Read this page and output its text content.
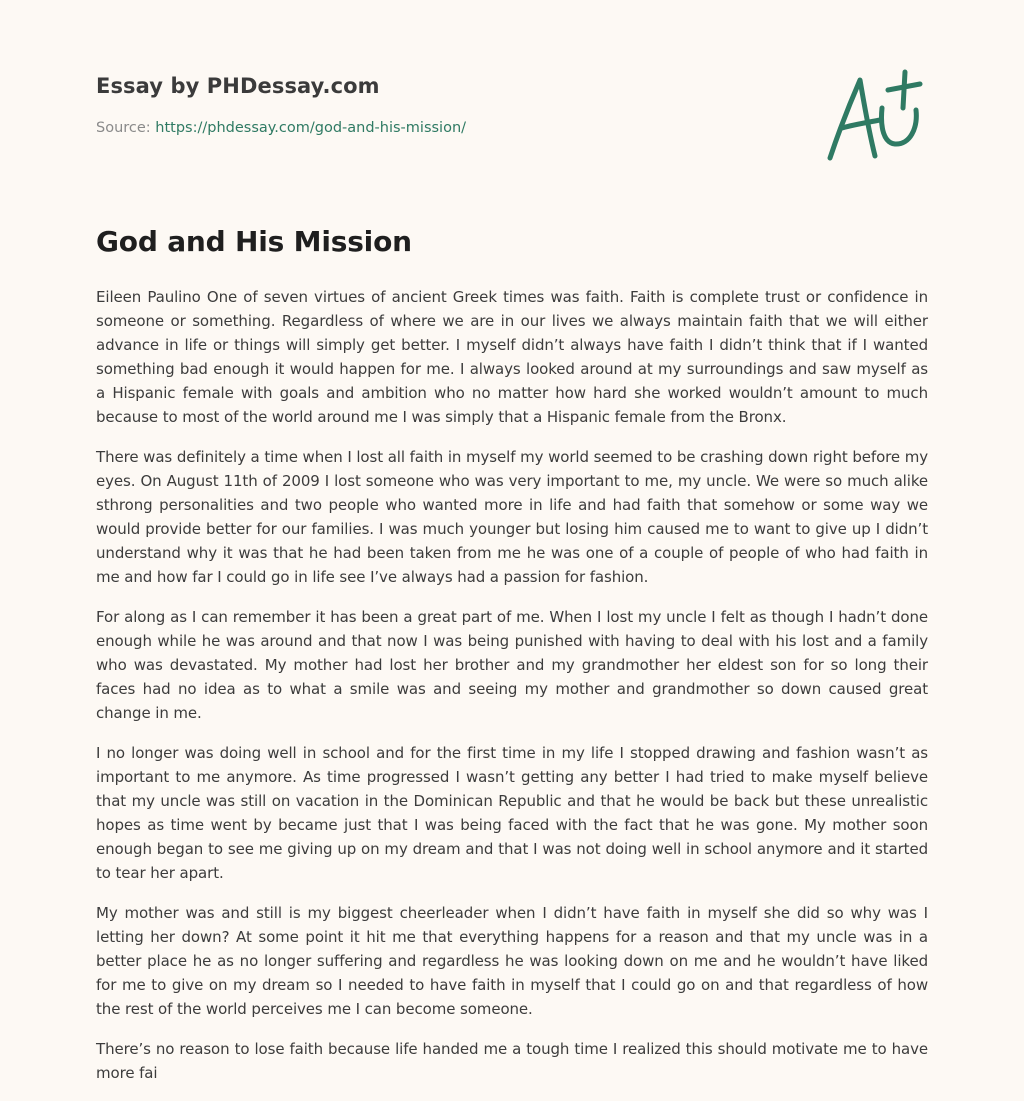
Essay by PHDessay.com
Source: https://phdessay.com/god-and-his-mission/
God and His Mission

Eileen Paulino One of seven virtues of ancient Greek times was faith. Faith is complete trust or confidence in someone or something. Regardless of where we are in our lives we always maintain faith that we will either advance in life or things will simply get better. I myself didn’t always have faith I didn’t think that if I wanted something bad enough it would happen for me. I always looked around at my surroundings and saw myself as a Hispanic female with goals and ambition who no matter how hard she worked wouldn’t amount to much because to most of the world around me I was simply that a Hispanic female from the Bronx.

There was definitely a time when I lost all faith in myself my world seemed to be crashing down right before my eyes. On August 11th of 2009 I lost someone who was very important to me, my uncle. We were so much alike sthrong personalities and two people who wanted more in life and had faith that somehow or some way we would provide better for our families. I was much younger but losing him caused me to want to give up I didn’t understand why it was that he had been taken from me he was one of a couple of people of who had faith in me and how far I could go in life see I’ve always had a passion for fashion.

For along as I can remember it has been a great part of me. When I lost my uncle I felt as though I hadn’t done enough while he was around and that now I was being punished with having to deal with his lost and a family who was devastated. My mother had lost her brother and my grandmother her eldest son for so long their faces had no idea as to what a smile was and seeing my mother and grandmother so down caused great change in me.

I no longer was doing well in school and for the first time in my life I stopped drawing and fashion wasn’t as important to me anymore. As time progressed I wasn’t getting any better I had tried to make myself believe that my uncle was still on vacation in the Dominican Republic and that he would be back but these unrealistic hopes as time went by became just that I was being faced with the fact that he was gone. My mother soon enough began to see me giving up on my dream and that I was not doing well in school anymore and it started to tear her apart.

My mother was and still is my biggest cheerleader when I didn’t have faith in myself she did so why was I letting her down? At some point it hit me that everything happens for a reason and that my uncle was in a better place he as no longer suffering and regardless he was looking down on me and he wouldn’t have liked for me to give on my dream so I needed to have faith in myself that I could go on and that regardless of how the rest of the world perceives me I can become someone.

There’s no reason to lose faith because life handed me a tough time I realized this should motivate me to have more fai
